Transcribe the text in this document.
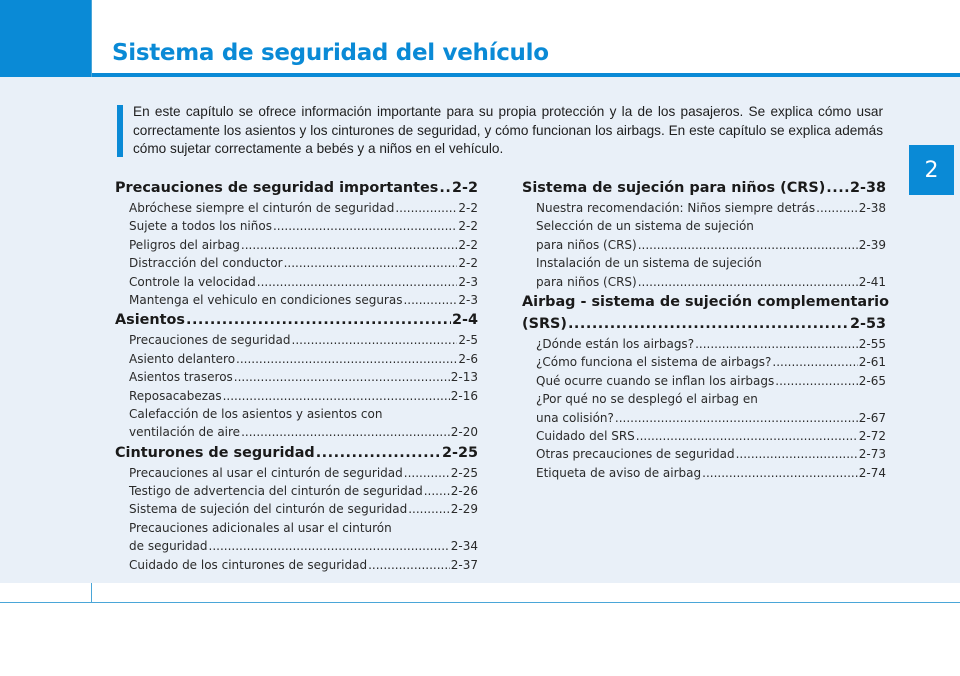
Sistema de seguridad del vehículo
2

En este capítulo se ofrece información importante para su propia protección y la de los pasajeros. Se explica cómo usar correctamente los asientos y los cinturones de seguridad, y cómo funcionan los airbags. En este capítulo se explica además cómo sujetar correctamente a bebés y a niños en el vehículo.

Precauciones de seguridad importantes ..... 2-2
Abróchese siempre el cinturón de seguridad .....	2-2
Sujete a todos los niños .....	2-2
Peligros del airbag .....	2-2
Distracción del conductor .....	2-2
Controle la velocidad .....	2-3
Mantenga el vehiculo en condiciones seguras .....	2-3
Asientos .....	2-4
Precauciones de seguridad .....	2-5
Asiento delantero .....	2-6
Asientos traseros .....	2-13
Reposacabezas .....	2-16
Calefacción de los asientos y asientos con
ventilación de aire .....	2-20
Cinturones de seguridad .....	2-25
Precauciones al usar el cinturón de seguridad .....	2-25
Testigo de advertencia del cinturón de seguridad ..... 2-26
Sistema de sujeción del cinturón de seguridad .....	2-29
Precauciones adicionales al usar el cinturón
de seguridad .....	2-34
Cuidado de los cinturones de seguridad .....	2-37
Sistema de sujeción para niños (CRS) ..... 2-38
Nuestra recomendación: Niños siempre detrás .....	2-38
Selección de un sistema de sujeción
para niños (CRS) .....	2-39
Instalación de un sistema de sujeción
para niños (CRS) .....	2-41
Airbag - sistema de sujeción complementario
(SRS) .....	2-53
¿Dónde están los airbags? .....	2-55
¿Cómo funciona el sistema de airbags? .....	2-61
Qué ocurre cuando se inflan los airbags .....	2-65
¿Por qué no se desplegó el airbag en
una colisión? .....	2-67
Cuidado del SRS .....	2-72
Otras precauciones de seguridad .....	2-73
Etiqueta de aviso de airbag .....	2-74
